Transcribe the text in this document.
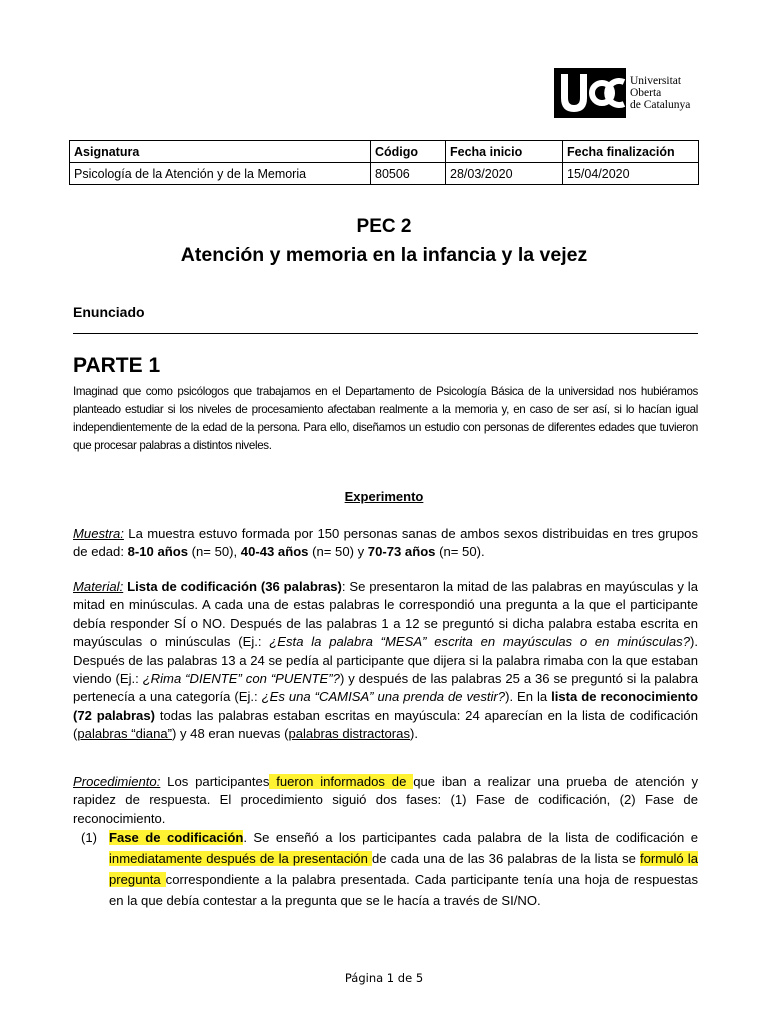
Universitat
Oberta
de Catalunya
Asignatura	Código	Fecha inicio	Fecha finalización
Psicología de la Atención y de la Memoria	80506	28/03/2020	15/04/2020
PEC 2
Atención y memoria en la infancia y la vejez
Enunciado
PARTE 1
Imaginad que como psicólogos que trabajamos en el Departamento de Psicología Básica de la universidad nos hubiéramos planteado estudiar si los niveles de procesamiento afectaban realmente a la memoria y, en caso de ser así, si lo hacían igual independientemente de la edad de la persona. Para ello, diseñamos un estudio con personas de diferentes edades que tuvieron que procesar palabras a distintos niveles.
Experimento
Muestra: La muestra estuvo formada por 150 personas sanas de ambos sexos distribuidas en tres grupos de edad: 8-10 años (n= 50), 40-43 años (n= 50) y 70-73 años (n= 50).
Material: Lista de codificación (36 palabras): Se presentaron la mitad de las palabras en mayúsculas y la mitad en minúsculas. A cada una de estas palabras le correspondió una pregunta a la que el participante debía responder SÍ o NO. Después de las palabras 1 a 12 se preguntó si dicha palabra estaba escrita en mayúsculas o minúsculas (Ej.: ¿Esta la palabra “MESA” escrita en mayúsculas o en minúsculas?). Después de las palabras 13 a 24 se pedía al participante que dijera si la palabra rimaba con la que estaban viendo (Ej.: ¿Rima “DIENTE” con “PUENTE”?) y después de las palabras 25 a 36 se preguntó si la palabra pertenecía a una categoría (Ej.: ¿Es una “CAMISA” una prenda de vestir?). En la lista de reconocimiento (72 palabras) todas las palabras estaban escritas en mayúscula: 24 aparecían en la lista de codificación (palabras “diana”) y 48 eran nuevas (palabras distractoras).
Procedimiento: Los participantes fueron informados de que iban a realizar una prueba de atención y rapidez de respuesta. El procedimiento siguió dos fases: (1) Fase de codificación, (2) Fase de reconocimiento.
(1) Fase de codificación. Se enseñó a los participantes cada palabra de la lista de codificación e inmediatamente después de la presentación de cada una de las 36 palabras de la lista se formuló la pregunta correspondiente a la palabra presentada. Cada participante tenía una hoja de respuestas en la que debía contestar a la pregunta que se le hacía a través de SI/NO.
Página 1 de 5
